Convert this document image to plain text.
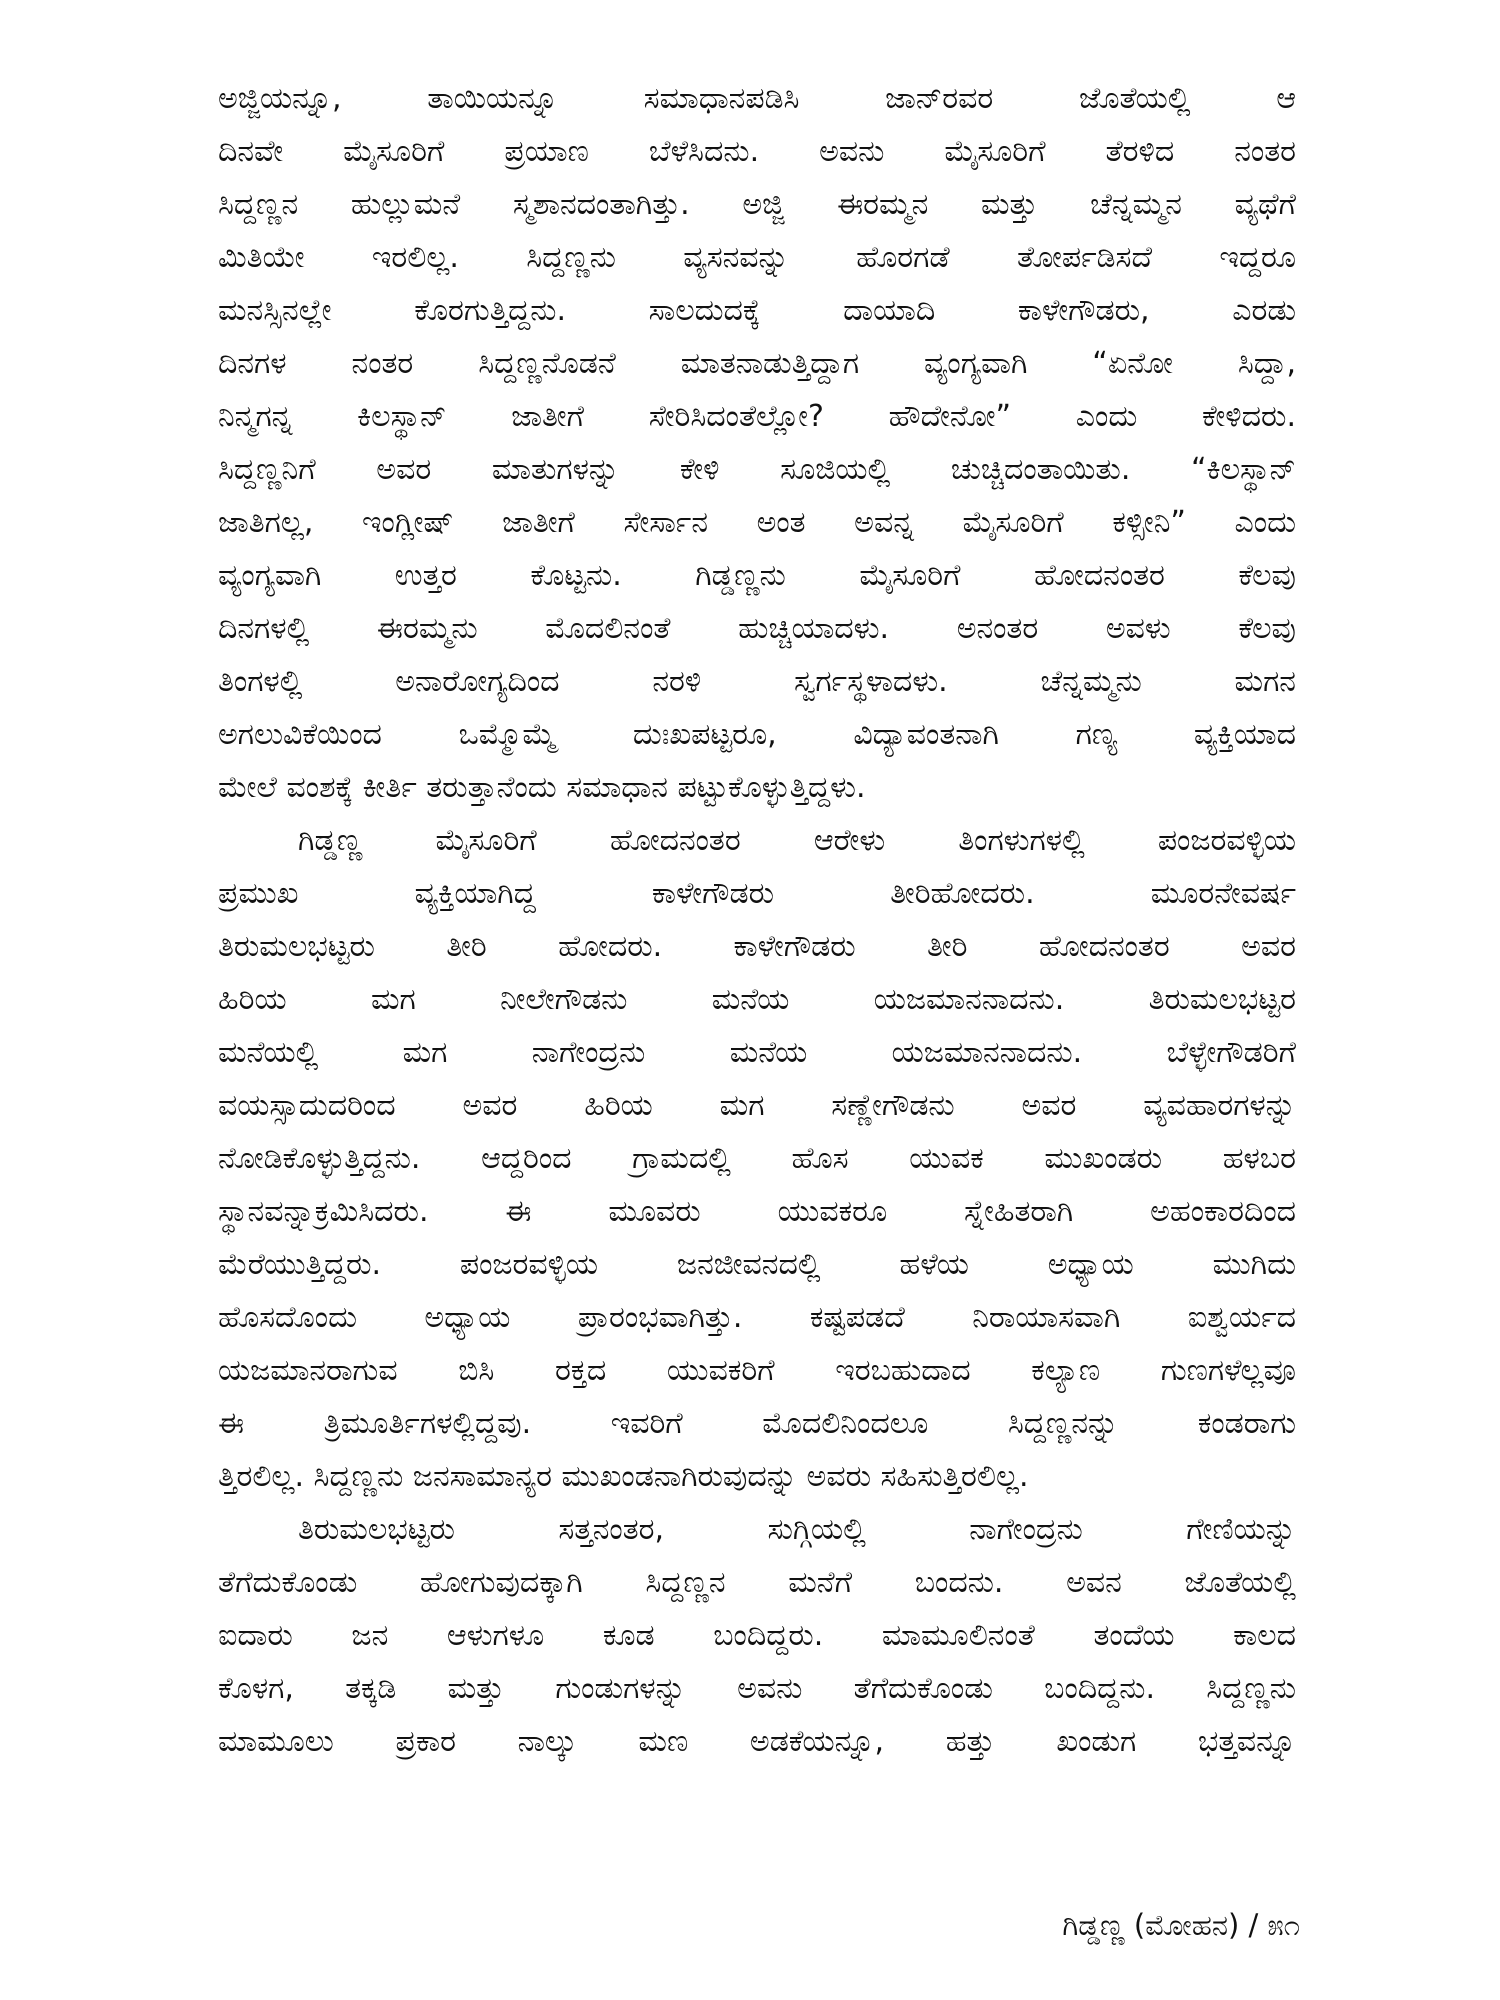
ಅಜ್ಜಿಯನ್ನೂ, ತಾಯಿಯನ್ನೂ ಸಮಾಧಾನಪಡಿಸಿ ಜಾನ್‌ರವರ ಜೊತೆಯಲ್ಲಿ ಆ
ದಿನವೇ ಮೈಸೂರಿಗೆ ಪ್ರಯಾಣ ಬೆಳೆಸಿದನು. ಅವನು ಮೈಸೂರಿಗೆ ತೆರಳಿದ ನಂತರ
ಸಿದ್ದಣ್ಣನ ಹುಲ್ಲುಮನೆ ಸ್ಮಶಾನದಂತಾಗಿತ್ತು. ಅಜ್ಜಿ ಈರಮ್ಮನ ಮತ್ತು ಚೆನ್ನಮ್ಮನ ವ್ಯಥೆಗೆ
ಮಿತಿಯೇ ಇರಲಿಲ್ಲ. ಸಿದ್ದಣ್ಣನು ವ್ಯಸನವನ್ನು ಹೊರಗಡೆ ತೋರ್ಪಡಿಸದೆ ಇದ್ದರೂ
ಮನಸ್ಸಿನಲ್ಲೇ ಕೊರಗುತ್ತಿದ್ದನು. ಸಾಲದುದಕ್ಕೆ ದಾಯಾದಿ ಕಾಳೇಗೌಡರು, ಎರಡು
ದಿನಗಳ ನಂತರ ಸಿದ್ದಣ್ಣನೊಡನೆ ಮಾತನಾಡುತ್ತಿದ್ದಾಗ ವ್ಯಂಗ್ಯವಾಗಿ “ಏನೋ ಸಿದ್ದಾ,
ನಿನ್ಮಗನ್ನ ಕಿಲಸ್ಥಾನ್ ಜಾತೀಗೆ ಸೇರಿಸಿದಂತೆಲ್ಲೋ? ಹೌದೇನೋ” ಎಂದು ಕೇಳಿದರು.
ಸಿದ್ದಣ್ಣನಿಗೆ ಅವರ ಮಾತುಗಳನ್ನು ಕೇಳಿ ಸೂಜಿಯಲ್ಲಿ ಚುಚ್ಚಿದಂತಾಯಿತು. “ಕಿಲಸ್ಥಾನ್
ಜಾತಿಗಲ್ಲ, ಇಂಗ್ಲೀಷ್ ಜಾತೀಗೆ ಸೇರ್ಸಾನ ಅಂತ ಅವನ್ನ ಮೈಸೂರಿಗೆ ಕಳ್ಸೀನಿ” ಎಂದು
ವ್ಯಂಗ್ಯವಾಗಿ ಉತ್ತರ ಕೊಟ್ಟನು. ಗಿಡ್ಡಣ್ಣನು ಮೈಸೂರಿಗೆ ಹೋದನಂತರ ಕೆಲವು
ದಿನಗಳಲ್ಲಿ ಈರಮ್ಮನು ಮೊದಲಿನಂತೆ ಹುಚ್ಚಿಯಾದಳು. ಅನಂತರ ಅವಳು ಕೆಲವು
ತಿಂಗಳಲ್ಲಿ ಅನಾರೋಗ್ಯದಿಂದ ನರಳಿ ಸ್ವರ್ಗಸ್ಥಳಾದಳು. ಚೆನ್ನಮ್ಮನು ಮಗನ
ಅಗಲುವಿಕೆಯಿಂದ ಒಮ್ಮೊಮ್ಮೆ ದುಃಖಪಟ್ಟರೂ, ವಿದ್ಯಾವಂತನಾಗಿ ಗಣ್ಯ ವ್ಯಕ್ತಿಯಾದ
ಮೇಲೆ ವಂಶಕ್ಕೆ ಕೀರ್ತಿ ತರುತ್ತಾನೆಂದು ಸಮಾಧಾನ ಪಟ್ಟುಕೊಳ್ಳುತ್ತಿದ್ದಳು.
ಗಿಡ್ಡಣ್ಣ ಮೈಸೂರಿಗೆ ಹೋದನಂತರ ಆರೇಳು ತಿಂಗಳುಗಳಲ್ಲಿ ಪಂಜರವಳ್ಳಿಯ
ಪ್ರಮುಖ ವ್ಯಕ್ತಿಯಾಗಿದ್ದ ಕಾಳೇಗೌಡರು ತೀರಿಹೋದರು. ಮೂರನೇವರ್ಷ
ತಿರುಮಲಭಟ್ಟರು ತೀರಿ ಹೋದರು. ಕಾಳೇಗೌಡರು ತೀರಿ ಹೋದನಂತರ ಅವರ
ಹಿರಿಯ ಮಗ ನೀಲೇಗೌಡನು ಮನೆಯ ಯಜಮಾನನಾದನು. ತಿರುಮಲಭಟ್ಟರ
ಮನೆಯಲ್ಲಿ ಮಗ ನಾಗೇಂದ್ರನು ಮನೆಯ ಯಜಮಾನನಾದನು. ಬೆಳ್ಳೇಗೌಡರಿಗೆ
ವಯಸ್ಸಾದುದರಿಂದ ಅವರ ಹಿರಿಯ ಮಗ ಸಣ್ಣೇಗೌಡನು ಅವರ ವ್ಯವಹಾರಗಳನ್ನು
ನೋಡಿಕೊಳ್ಳುತ್ತಿದ್ದನು. ಆದ್ದರಿಂದ ಗ್ರಾಮದಲ್ಲಿ ಹೊಸ ಯುವಕ ಮುಖಂಡರು ಹಳಬರ
ಸ್ಥಾನವನ್ನಾಕ್ರಮಿಸಿದರು. ಈ ಮೂವರು ಯುವಕರೂ ಸ್ನೇಹಿತರಾಗಿ ಅಹಂಕಾರದಿಂದ
ಮೆರೆಯುತ್ತಿದ್ದರು. ಪಂಜರವಳ್ಳಿಯ ಜನಜೀವನದಲ್ಲಿ ಹಳೆಯ ಅಧ್ಯಾಯ ಮುಗಿದು
ಹೊಸದೊಂದು ಅಧ್ಯಾಯ ಪ್ರಾರಂಭವಾಗಿತ್ತು. ಕಷ್ಟಪಡದೆ ನಿರಾಯಾಸವಾಗಿ ಐಶ್ವರ್ಯದ
ಯಜಮಾನರಾಗುವ ಬಿಸಿ ರಕ್ತದ ಯುವಕರಿಗೆ ಇರಬಹುದಾದ ಕಲ್ಯಾಣ ಗುಣಗಳೆಲ್ಲವೂ
ಈ ತ್ರಿಮೂರ್ತಿಗಳಲ್ಲಿದ್ದವು. ಇವರಿಗೆ ಮೊದಲಿನಿಂದಲೂ ಸಿದ್ದಣ್ಣನನ್ನು ಕಂಡರಾಗು
ತ್ತಿರಲಿಲ್ಲ. ಸಿದ್ದಣ್ಣನು ಜನಸಾಮಾನ್ಯರ ಮುಖಂಡನಾಗಿರುವುದನ್ನು ಅವರು ಸಹಿಸುತ್ತಿರಲಿಲ್ಲ.
ತಿರುಮಲಭಟ್ಟರು ಸತ್ತನಂತರ, ಸುಗ್ಗಿಯಲ್ಲಿ ನಾಗೇಂದ್ರನು ಗೇಣಿಯನ್ನು
ತೆಗೆದುಕೊಂಡು ಹೋಗುವುದಕ್ಕಾಗಿ ಸಿದ್ದಣ್ಣನ ಮನೆಗೆ ಬಂದನು. ಅವನ ಜೊತೆಯಲ್ಲಿ
ಐದಾರು ಜನ ಆಳುಗಳೂ ಕೂಡ ಬಂದಿದ್ದರು. ಮಾಮೂಲಿನಂತೆ ತಂದೆಯ ಕಾಲದ
ಕೊಳಗ, ತಕ್ಕಡಿ ಮತ್ತು ಗುಂಡುಗಳನ್ನು ಅವನು ತೆಗೆದುಕೊಂಡು ಬಂದಿದ್ದನು. ಸಿದ್ದಣ್ಣನು
ಮಾಮೂಲು ಪ್ರಕಾರ ನಾಲ್ಕು ಮಣ ಅಡಕೆಯನ್ನೂ, ಹತ್ತು ಖಂಡುಗ ಭತ್ತವನ್ನೂ
ಗಿಡ್ಡಣ್ಣ (ಮೋಹನ) / ೫೧
